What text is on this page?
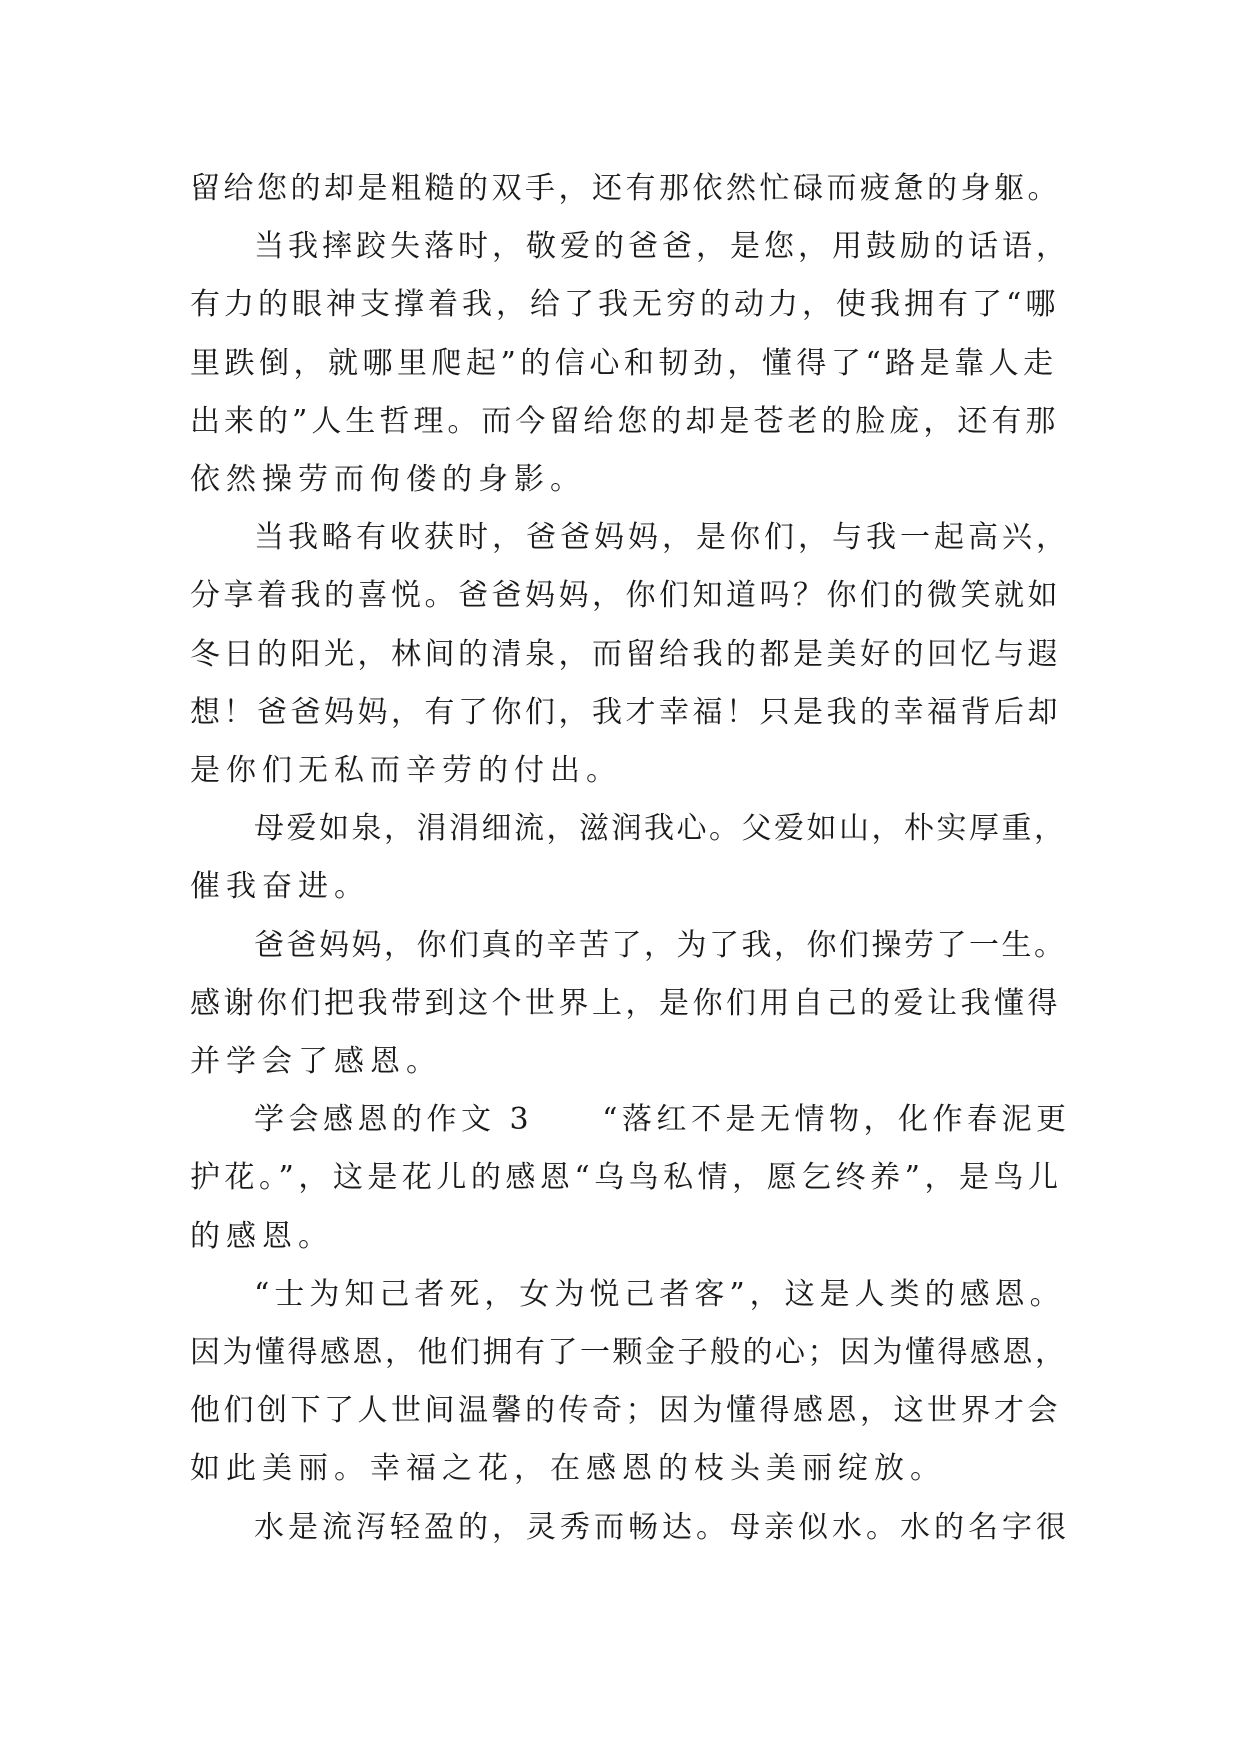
留给您的却是粗糙的双手，还有那依然忙碌而疲惫的身躯。
当我摔跤失落时，敬爱的爸爸，是您，用鼓励的话语，
有力的眼神支撑着我，给了我无穷的动力，使我拥有了“哪
里跌倒，就哪里爬起”的信心和韧劲，懂得了“路是靠人走
出来的”人生哲理。而今留给您的却是苍老的脸庞，还有那
依然操劳而佝偻的身影。
当我略有收获时，爸爸妈妈，是你们，与我一起高兴，
分享着我的喜悦。爸爸妈妈，你们知道吗？你们的微笑就如
冬日的阳光，林间的清泉，而留给我的都是美好的回忆与遐
想！爸爸妈妈，有了你们，我才幸福！只是我的幸福背后却
是你们无私而辛劳的付出。
母爱如泉，涓涓细流，滋润我心。父爱如山，朴实厚重，
催我奋进。
爸爸妈妈，你们真的辛苦了，为了我，你们操劳了一生。
感谢你们把我带到这个世界上，是你们用自己的爱让我懂得
并学会了感恩。
学会感恩的作文 3　　“落红不是无情物，化作春泥更
护花。”，这是花儿的感恩“乌鸟私情，愿乞终养”，是鸟儿
的感恩。
“士为知己者死，女为悦己者客”，这是人类的感恩。
因为懂得感恩，他们拥有了一颗金子般的心；因为懂得感恩，
他们创下了人世间温馨的传奇；因为懂得感恩，这世界才会
如此美丽。幸福之花，在感恩的枝头美丽绽放。
水是流泻轻盈的，灵秀而畅达。母亲似水。水的名字很
